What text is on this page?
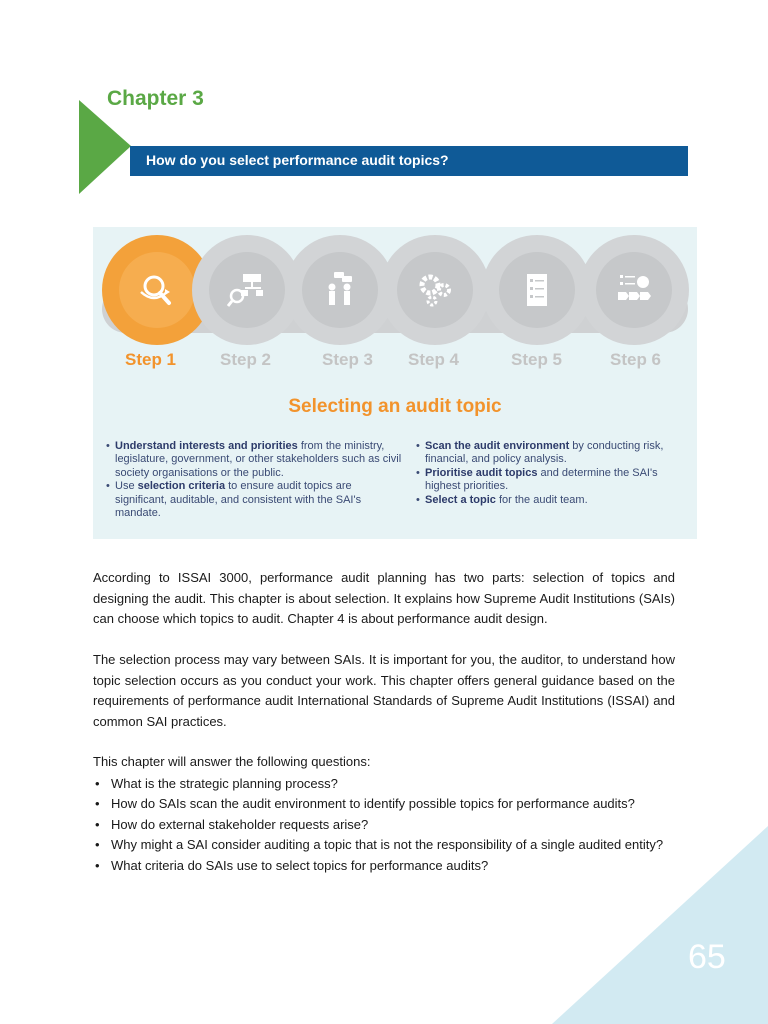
Chapter 3
How do you select performance audit topics?
Step 1	Step 2	Step 3 Step 4	Step 5	Step 6
Selecting an audit topic
• Understand interests and priorities from the ministry, legislature, government, or other stakeholders such as civil society organisations or the public.
• Use selection criteria to ensure audit topics are significant, auditable, and consistent with the SAI's mandate.
• Scan the audit environment by conducting risk, financial, and policy analysis.
• Prioritise audit topics and determine the SAI's highest priorities.
• Select a topic for the audit team.
According to ISSAI 3000, performance audit planning has two parts: selection of topics and designing the audit. This chapter is about selection. It explains how Supreme Audit Institutions (SAIs) can choose which topics to audit. Chapter 4 is about performance audit design.
The selection process may vary between SAIs. It is important for you, the auditor, to understand how topic selection occurs as you conduct your work. This chapter offers general guidance based on the requirements of performance audit International Standards of Supreme Audit Institutions (ISSAI) and common SAI practices.
This chapter will answer the following questions:
• What is the strategic planning process?
• How do SAIs scan the audit environment to identify possible topics for performance audits?
• How do external stakeholder requests arise?
• Why might a SAI consider auditing a topic that is not the responsibility of a single audited entity?
• What criteria do SAIs use to select topics for performance audits?
65
